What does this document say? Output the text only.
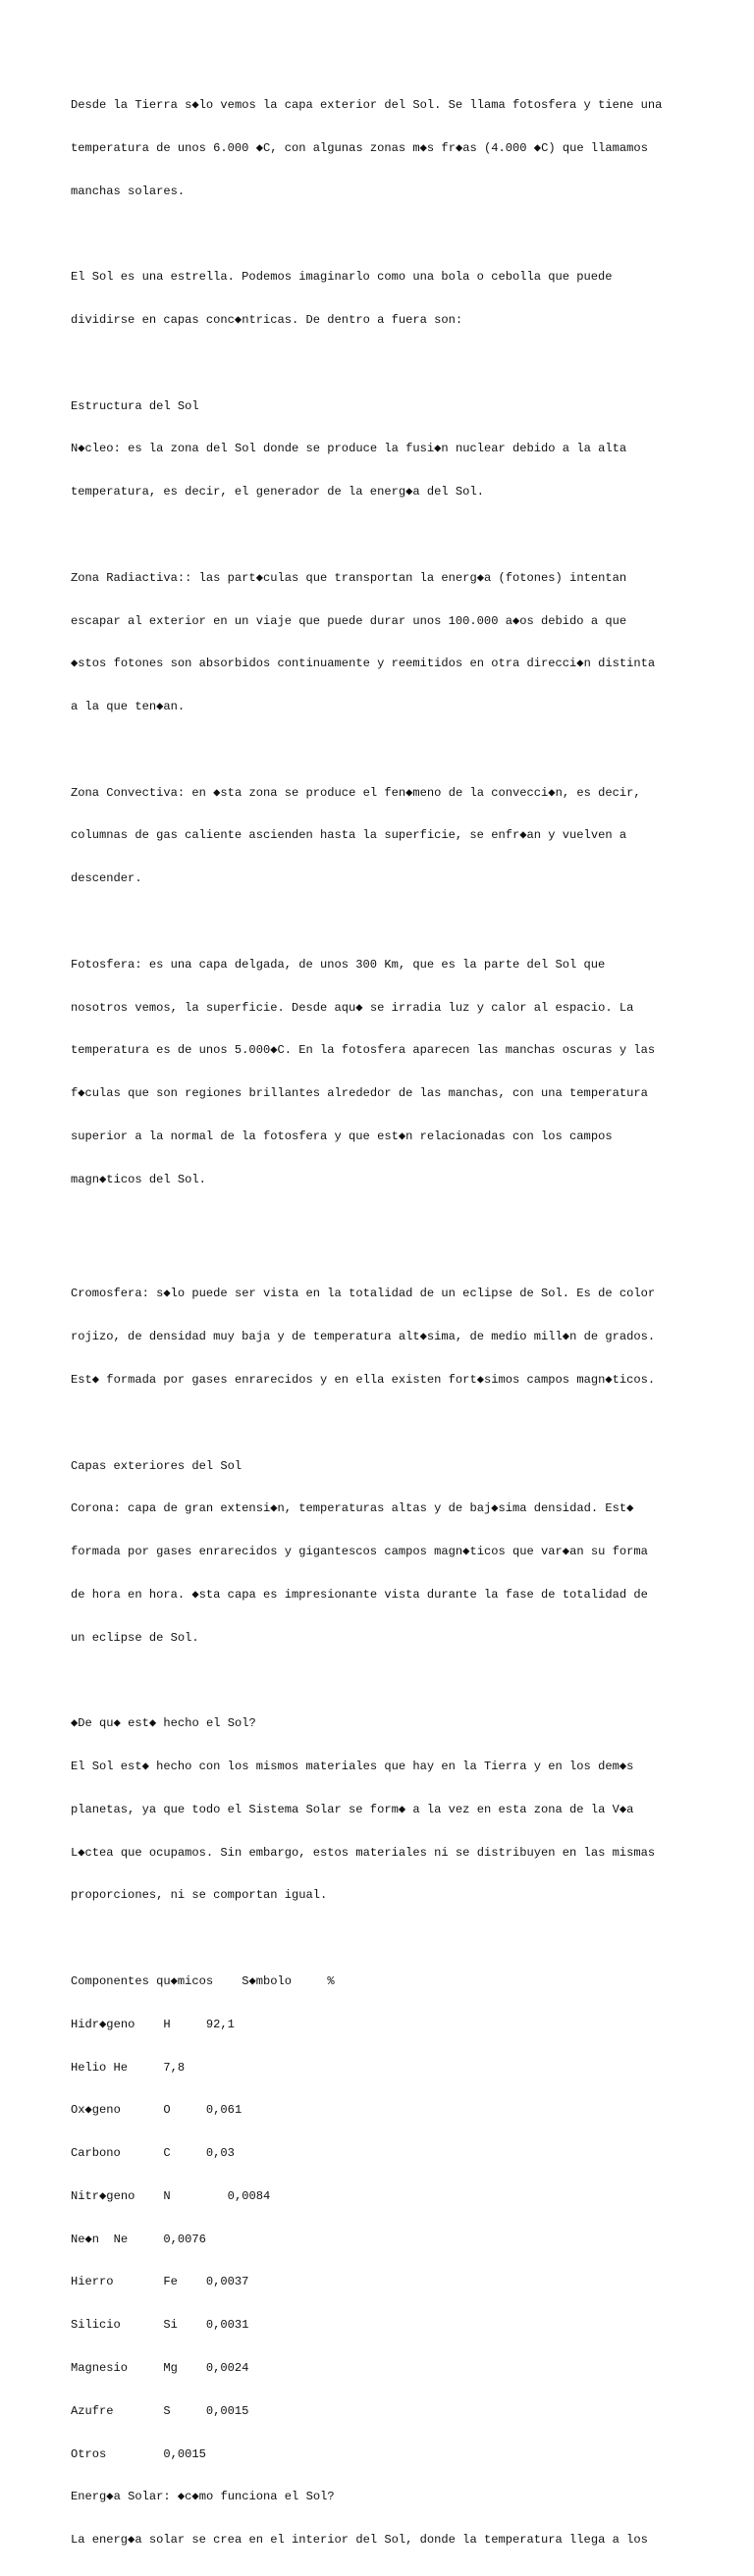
Desde la Tierra s◆lo vemos la capa exterior del Sol. Se llama fotosfera y tiene una

temperatura de unos 6.000 ◆C, con algunas zonas m◆s fr◆as (4.000 ◆C) que llamamos

manchas solares.

El Sol es una estrella. Podemos imaginarlo como una bola o cebolla que puede

dividirse en capas conc◆ntricas. De dentro a fuera son:

Estructura del Sol

N◆cleo: es la zona del Sol donde se produce la fusi◆n nuclear debido a la alta

temperatura, es decir, el generador de la energ◆a del Sol.

Zona Radiactiva:: las part◆culas que transportan la energ◆a (fotones) intentan

escapar al exterior en un viaje que puede durar unos 100.000 a◆os debido a que

◆stos fotones son absorbidos continuamente y reemitidos en otra direcci◆n distinta

a la que ten◆an.

Zona Convectiva: en ◆sta zona se produce el fen◆meno de la convecci◆n, es decir,

columnas de gas caliente ascienden hasta la superficie, se enfr◆an y vuelven a

descender.

Fotosfera: es una capa delgada, de unos 300 Km, que es la parte del Sol que

nosotros vemos, la superficie. Desde aqu◆ se irradia luz y calor al espacio. La

temperatura es de unos 5.000◆C. En la fotosfera aparecen las manchas oscuras y las

f◆culas que son regiones brillantes alrededor de las manchas, con una temperatura

superior a la normal de la fotosfera y que est◆n relacionadas con los campos

magn◆ticos del Sol.

Cromosfera: s◆lo puede ser vista en la totalidad de un eclipse de Sol. Es de color

rojizo, de densidad muy baja y de temperatura alt◆sima, de medio mill◆n de grados.

Est◆ formada por gases enrarecidos y en ella existen fort◆simos campos magn◆ticos.

Capas exteriores del Sol

Corona: capa de gran extensi◆n, temperaturas altas y de baj◆sima densidad. Est◆

formada por gases enrarecidos y gigantescos campos magn◆ticos que var◆an su forma

de hora en hora. ◆sta capa es impresionante vista durante la fase de totalidad de

un eclipse de Sol.

◆De qu◆ est◆ hecho el Sol?

El Sol est◆ hecho con los mismos materiales que hay en la Tierra y en los dem◆s

planetas, ya que todo el Sistema Solar se form◆ a la vez en esta zona de la V◆a

L◆ctea que ocupamos. Sin embargo, estos materiales ni se distribuyen en las mismas

proporciones, ni se comportan igual.

Componentes qu◆micos    S◆mbolo     %

Hidr◆geno    H     92,1

Helio He     7,8

Ox◆geno      O     0,061

Carbono      C     0,03

Nitr◆geno    N        0,0084

Ne◆n  Ne     0,0076

Hierro       Fe    0,0037

Silicio      Si    0,0031

Magnesio     Mg    0,0024

Azufre       S     0,0015

Otros        0,0015

Energ◆a Solar: ◆c◆mo funciona el Sol?

La energ◆a solar se crea en el interior del Sol, donde la temperatura llega a los
